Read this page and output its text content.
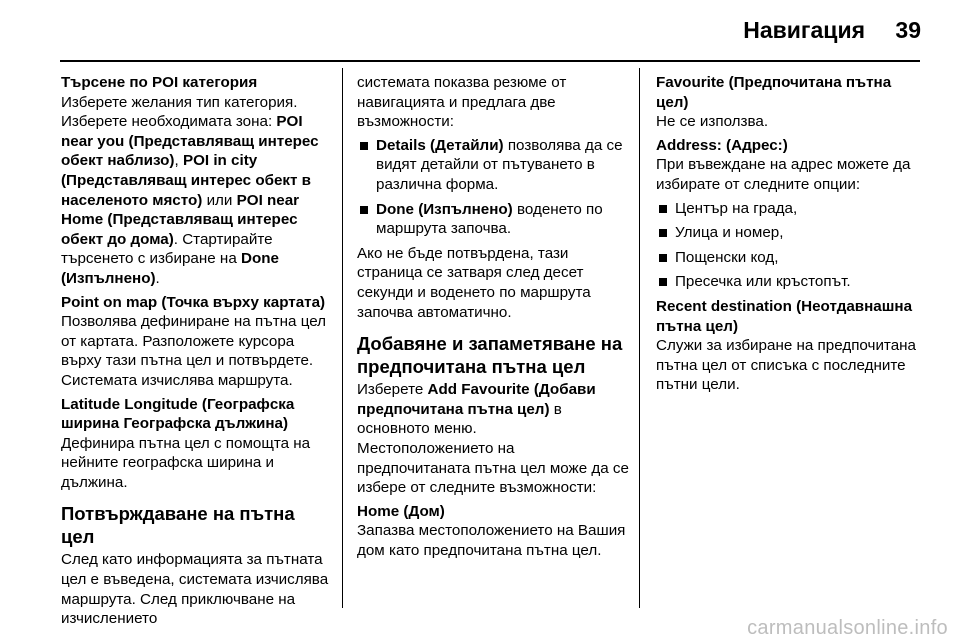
Навигация 39

Търсене по POI категория
Изберете желания тип категория. Изберете необходимата зона: POI near you (Представляващ интерес обект наблизо), POI in city (Представляващ интерес обект в населеното място) или POI near Home (Представляващ интерес обект до дома). Стартирайте търсенето с избиране на Done (Изпълнено).

Point on map (Точка върху картата)
Позволява дефиниране на пътна цел от картата. Разположете курсора върху тази пътна цел и потвърдете. Системата изчислява маршрута.

Latitude Longitude (Географска ширина Географска дължина)
Дефинира пътна цел с помощта на нейните географска ширина и дължина.

Потвърждаване на пътна цел

След като информацията за пътната цел е въведена, системата изчислява маршрута. След приключване на изчислението

системата показва резюме от навигацията и предлага две възможности:

Details (Детайли) позволява да се видят детайли от пътуването в различна форма.
Done (Изпълнено) воденето по маршрута започва.

Ако не бъде потвърдена, тази страница се затваря след десет секунди и воденето по маршрута започва автоматично.

Добавяне и запаметяване на предпочитана пътна цел

Изберете Add Favourite (Добави предпочитана пътна цел) в основното меню.
Местоположението на предпочитаната пътна цел може да се избере от следните възможности:

Home (Дом)
Запазва местоположението на Вашия дом като предпочитана пътна цел.

Favourite (Предпочитана пътна цел)
Не се използва.

Address: (Адрес:)
При въвеждане на адрес можете да избирате от следните опции:

Център на града,
Улица и номер,
Пощенски код,
Пресечка или кръстопът.

Recent destination (Неотдавнашна пътна цел)
Служи за избиране на предпочитана пътна цел от списъка с последните пътни цели.

carmanualsonline.info
